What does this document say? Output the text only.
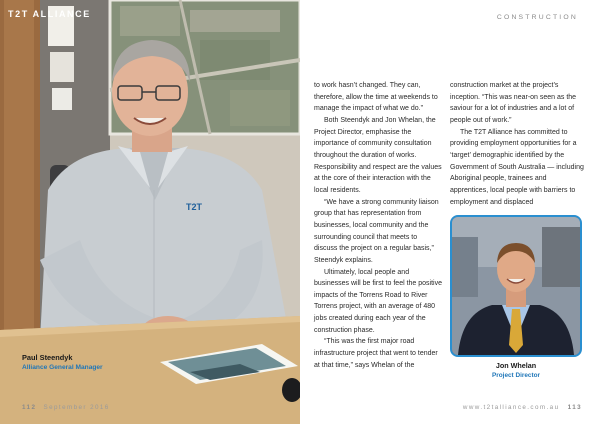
T2T
T2T ALLIANCE
Paul Steendyk
Alliance General Manager
112 September 2016
CONSTRUCTION

to work hasn’t changed. They can, therefore, allow the time at weekends to manage the impact of what we do.”

Both Steendyk and Jon Whelan, the Project Director, emphasise the importance of community consultation throughout the duration of works. Responsibility and respect are the values at the core of their interaction with the local residents.

“We have a strong community liaison group that has representation from businesses, local community and the surrounding council that meets to discuss the project on a regular basis,” Steendyk explains.

Ultimately, local people and businesses will be first to feel the positive impacts of the Torrens Road to River Torrens project, with an average of 480 jobs created during each year of the construction phase.

“This was the first major road infrastructure project that went to tender at that time,” says Whelan of the

construction market at the project’s inception. “This was near-on seen as the saviour for a lot of industries and a lot of people out of work.”

The T2T Alliance has committed to providing employment opportunities for a ‘target’ demographic identified by the Government of South Australia — including Aboriginal people, trainees and apprentices, local people with barriers to employment and displaced

Jon Whelan
Project Director
www.t2talliance.com.au 113
